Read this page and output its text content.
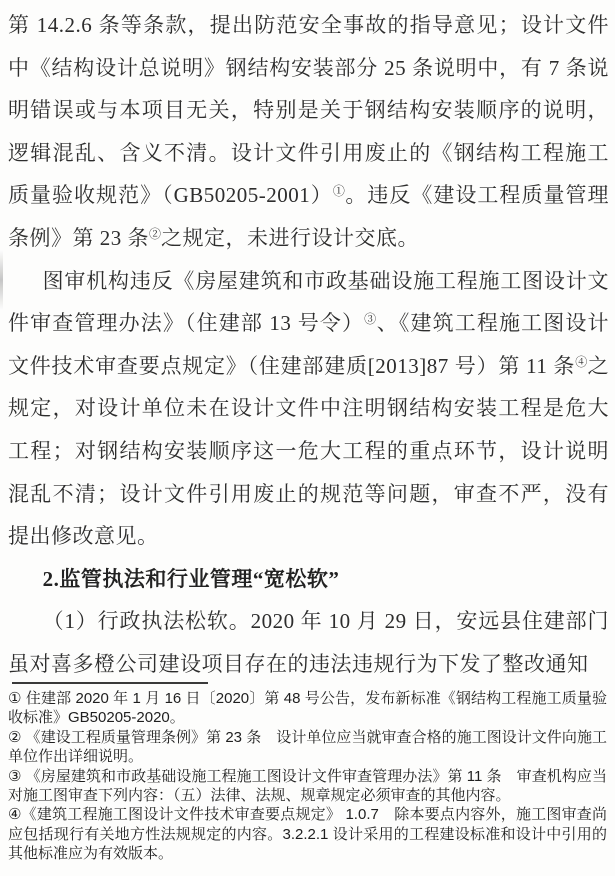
第 14.2.6 条等条款，提出防范安全事故的指导意见；设计文件中《结构设计总说明》钢结构安装部分 25 条说明中，有 7 条说明错误或与本项目无关，特别是关于钢结构安装顺序的说明，逻辑混乱、含义不清。设计文件引用废止的《钢结构工程施工质量验收规范》（GB50205-2001）①。违反《建设工程质量管理条例》第 23 条②之规定，未进行设计交底。

图审机构违反《房屋建筑和市政基础设施工程施工图设计文件审查管理办法》（住建部 13 号令）③、《建筑工程施工图设计文件技术审查要点规定》（住建部建质[2013]87 号）第 11 条④之规定，对设计单位未在设计文件中注明钢结构安装工程是危大工程；对钢结构安装顺序这一危大工程的重点环节，设计说明混乱不清；设计文件引用废止的规范等问题，审查不严，没有提出修改意见。

2.监管执法和行业管理“宽松软”

（1）行政执法松软。2020 年 10 月 29 日，安远县住建部门虽对喜多橙公司建设项目存在的违法违规行为下发了整改通知

① 住建部 2020 年 1 月 16 日〔2020〕第 48 号公告，发布新标准《钢结构工程施工质量验收标准》GB50205-2020。

② 《建设工程质量管理条例》第 23 条　设计单位应当就审查合格的施工图设计文件向施工单位作出详细说明。

③ 《房屋建筑和市政基础设施工程施工图设计文件审查管理办法》第 11 条　审查机构应当对施工图审查下列内容：（五）法律、法规、规章规定必须审查的其他内容。

④《建筑工程施工图设计文件技术审查要点规定》 1.0.7　除本要点内容外，施工图审查尚应包括现行有关地方性法规规定的内容。3.2.2.1 设计采用的工程建设标准和设计中引用的其他标准应为有效版本。
